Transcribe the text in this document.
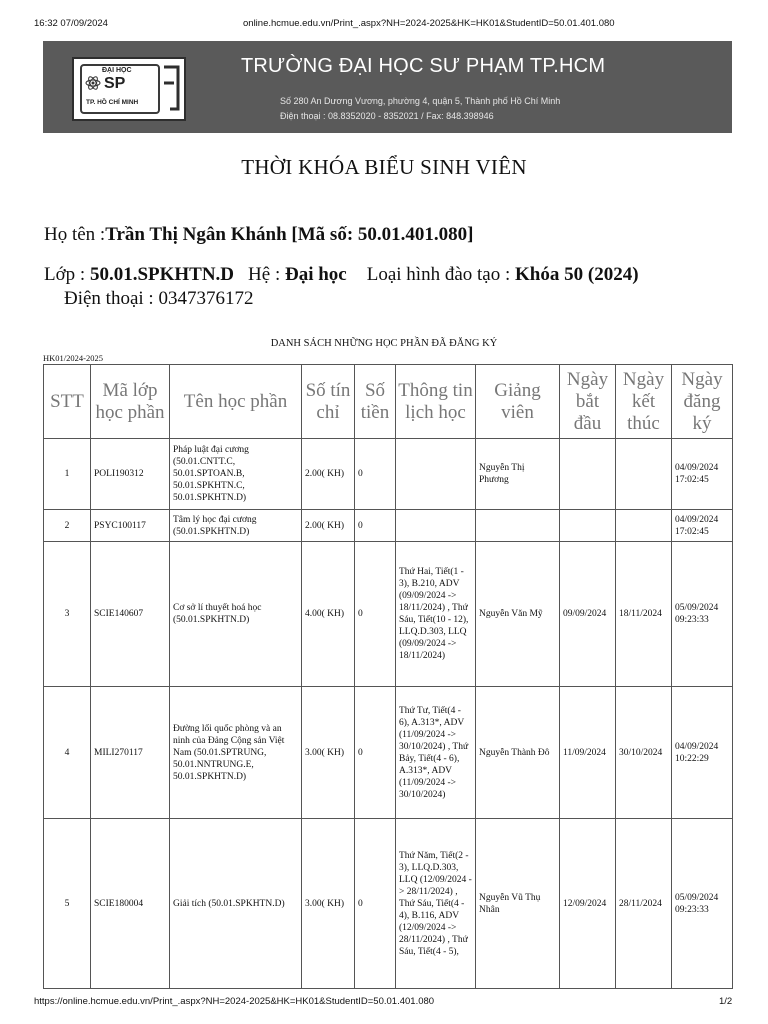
16:32 07/09/2024	online.hcmue.edu.vn/Print_.aspx?NH=2024-2025&HK=HK01&StudentID=50.01.401.080
ĐẠI HỌC
SP
TP. HỒ CHÍ MINH
TRƯỜNG ĐẠI HỌC SƯ PHẠM TP.HCM
Số 280 An Dương Vương, phường 4, quận 5, Thành phố Hồ Chí Minh
Điện thoại : 08.8352020 - 8352021 / Fax: 848.398946
THỜI KHÓA BIỂU SINH VIÊN
Họ tên :Trần Thị Ngân Khánh [Mã số: 50.01.401.080]
Lớp : 50.01.SPKHTN.D Hệ : Đại học Loại hình đào tạo : Khóa 50 (2024)
Điện thoại : 0347376172
DANH SÁCH NHỮNG HỌC PHẦN ĐÃ ĐĂNG KÝ
HK01/2024-2025
STT	Mã lớp học phần	Tên học phần	Số tín chỉ	Số tiền	Thông tin lịch học	Giảng viên	Ngày bắt đầu	Ngày kết thúc	Ngày đăng ký
1	POLI190312	Pháp luật đại cương (50.01.CNTT.C, 50.01.SPTOAN.B, 50.01.SPKHTN.C, 50.01.SPKHTN.D)	2.00( KH)	0		Nguyễn Thị Phương			04/09/2024 17:02:45
2	PSYC100117	Tâm lý học đại cương (50.01.SPKHTN.D)	2.00( KH)	0					04/09/2024 17:02:45
3	SCIE140607	Cơ sở lí thuyết hoá học (50.01.SPKHTN.D)	4.00( KH)	0	Thứ Hai, Tiết(1 - 3), B.210, ADV (09/09/2024 -> 18/11/2024) , Thứ Sáu, Tiết(10 - 12), LLQ.D.303, LLQ (09/09/2024 -> 18/11/2024)	Nguyễn Văn Mỹ	09/09/2024	18/11/2024	05/09/2024 09:23:33
4	MILI270117	Đường lối quốc phòng và an ninh của Đảng Cộng sản Việt Nam (50.01.SPTRUNG, 50.01.NNTRUNG.E, 50.01.SPKHTN.D)	3.00( KH)	0	Thứ Tư, Tiết(4 - 6), A.313*, ADV (11/09/2024 -> 30/10/2024) , Thứ Bảy, Tiết(4 - 6), A.313*, ADV (11/09/2024 -> 30/10/2024)	Nguyễn Thành Đô	11/09/2024	30/10/2024	04/09/2024 10:22:29
5	SCIE180004	Giải tích (50.01.SPKHTN.D)	3.00( KH)	0	Thứ Năm, Tiết(2 - 3), LLQ.D.303, LLQ (12/09/2024 -> 28/11/2024) , Thứ Sáu, Tiết(4 - 4), B.116, ADV (12/09/2024 -> 28/11/2024) , Thứ Sáu, Tiết(4 - 5),	Nguyễn Vũ Thụ Nhân	12/09/2024	28/11/2024	05/09/2024 09:23:33
https://online.hcmue.edu.vn/Print_.aspx?NH=2024-2025&HK=HK01&StudentID=50.01.401.080	1/2
